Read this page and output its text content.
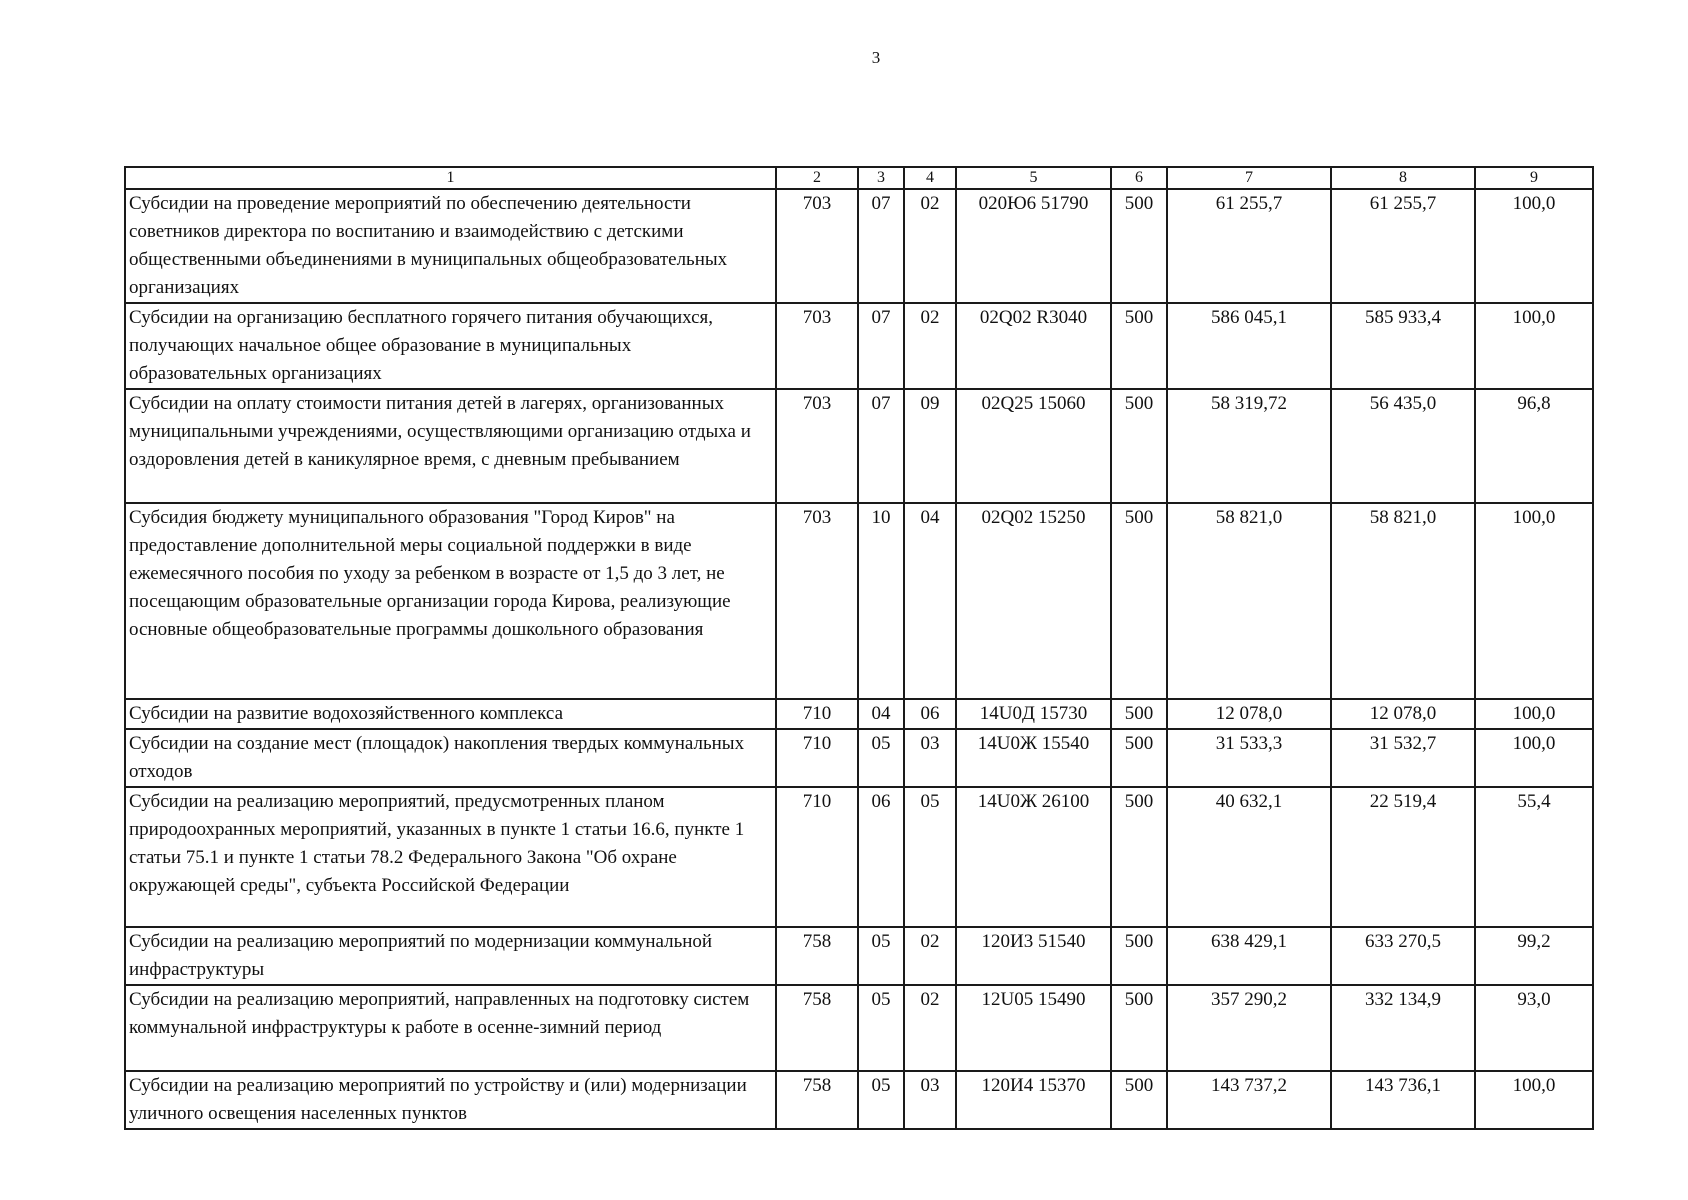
3
1	2	3	4	5	6	7	8	9
Субсидии на проведение мероприятий по обеспечению деятельности советников директора по воспитанию и взаимодействию с детскими общественными объединениями в муниципальных общеобразовательных организациях	703	07	02	020Ю6 51790	500	61 255,7	61 255,7	100,0
Субсидии на организацию бесплатного горячего питания обучающихся, получающих начальное общее образование в муниципальных образовательных организациях	703	07	02	02Q02 R3040	500	586 045,1	585 933,4	100,0
Субсидии на оплату стоимости питания детей в лагерях, организованных муниципальными учреждениями, осуществляющими организацию отдыха и оздоровления детей в каникулярное время, с дневным пребыванием	703	07	09	02Q25 15060	500	58 319,72	56 435,0	96,8
Субсидия бюджету муниципального образования "Город Киров" на предоставление дополнительной меры социальной поддержки в виде ежемесячного пособия по уходу за ребенком в возрасте от 1,5 до 3 лет, не посещающим образовательные организации города Кирова, реализующие основные общеобразовательные программы дошкольного образования	703	10	04	02Q02 15250	500	58 821,0	58 821,0	100,0
Субсидии на развитие водохозяйственного комплекса	710	04	06	14U0Д 15730	500	12 078,0	12 078,0	100,0
Субсидии на создание мест (площадок) накопления твердых коммунальных отходов	710	05	03	14U0Ж 15540	500	31 533,3	31 532,7	100,0
Субсидии на реализацию мероприятий, предусмотренных планом природоохранных мероприятий, указанных в пункте 1 статьи 16.6, пункте 1 статьи 75.1 и пункте 1 статьи 78.2 Федерального Закона "Об охране окружающей среды", субъекта Российской Федерации	710	06	05	14U0Ж 26100	500	40 632,1	22 519,4	55,4
Субсидии на реализацию мероприятий по модернизации коммунальной инфраструктуры	758	05	02	120И3 51540	500	638 429,1	633 270,5	99,2
Субсидии на реализацию мероприятий, направленных на подготовку систем коммунальной инфраструктуры к работе в осенне-зимний период	758	05	02	12U05 15490	500	357 290,2	332 134,9	93,0
Субсидии на реализацию мероприятий по устройству и (или) модернизации уличного освещения населенных пунктов	758	05	03	120И4 15370	500	143 737,2	143 736,1	100,0
